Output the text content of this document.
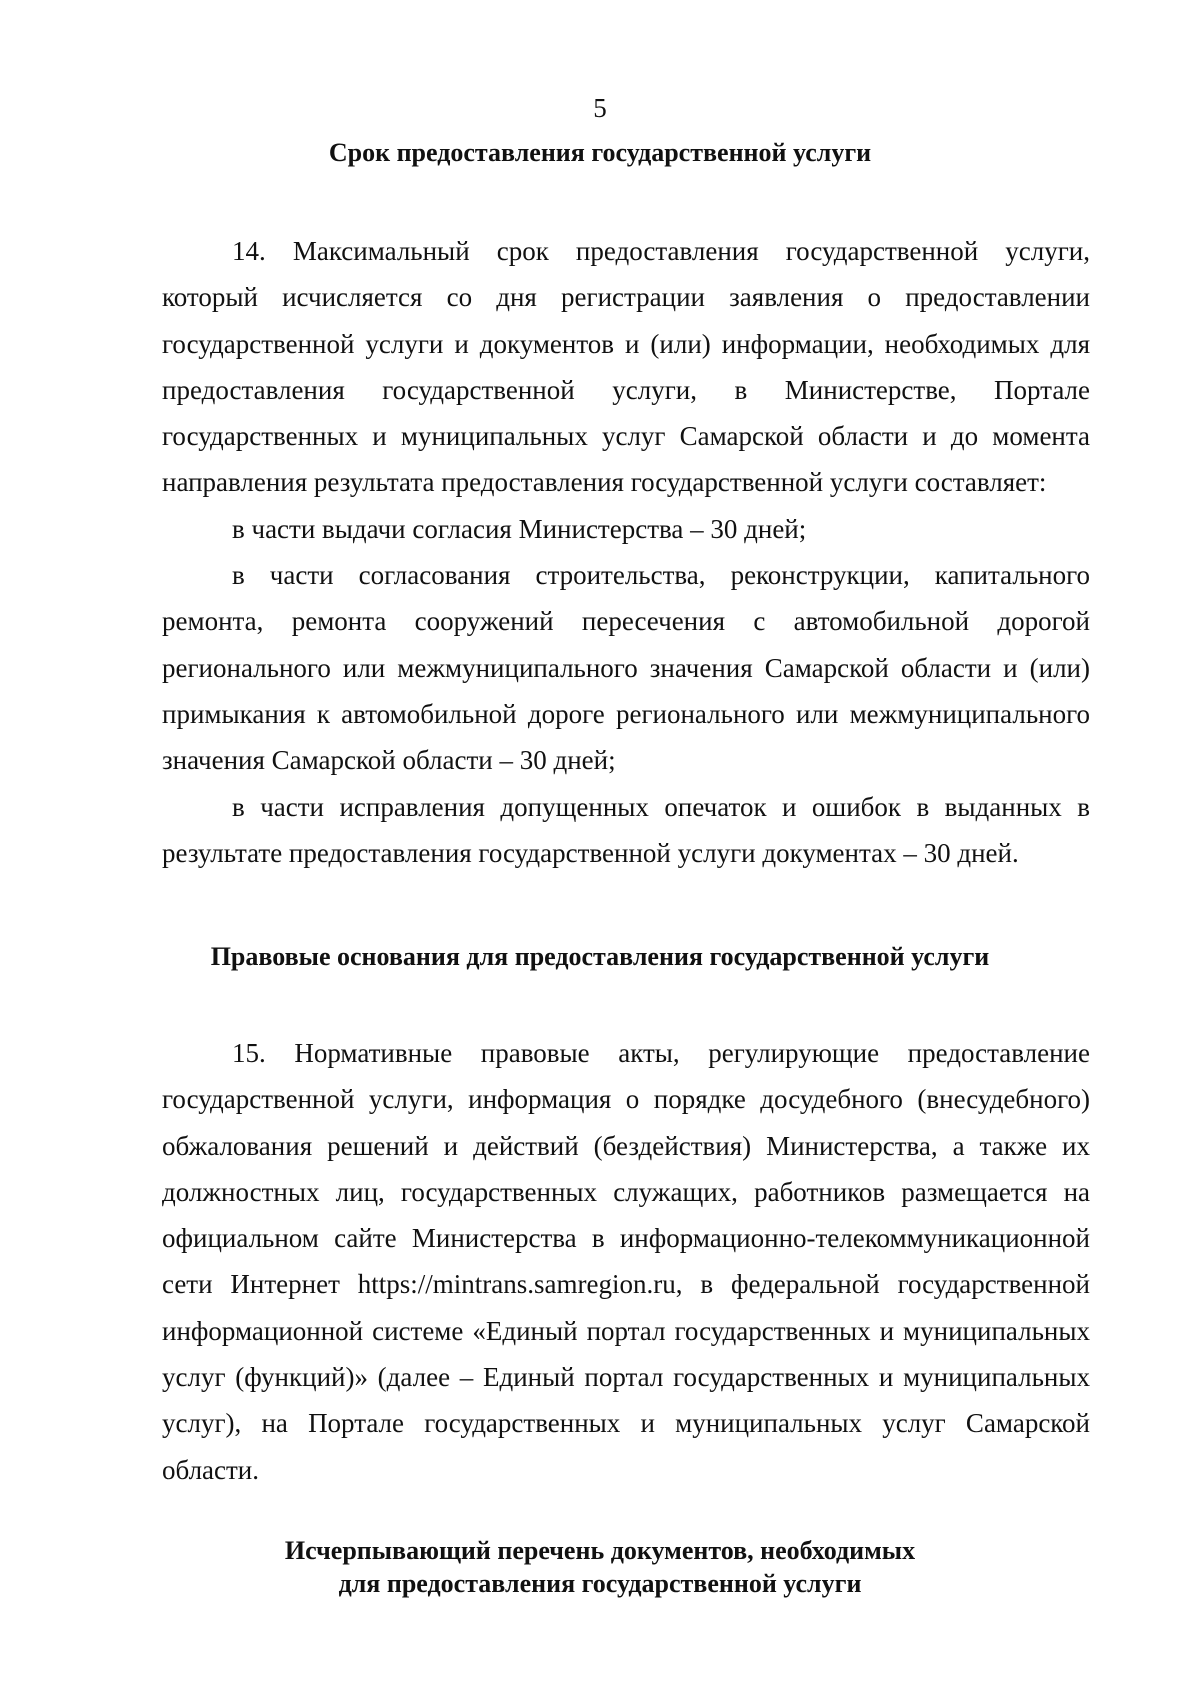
5
Срок предоставления государственной услуги

14. Максимальный срок предоставления государственной услуги, который исчисляется со дня регистрации заявления о предоставлении государственной услуги и документов и (или) информации, необходимых для предоставления государственной услуги, в Министерстве, Портале государственных и муниципальных услуг Самарской области и до момента направления результата предоставления государственной услуги составляет:

в части выдачи согласия Министерства – 30 дней;

в части согласования строительства, реконструкции, капитального ремонта, ремонта сооружений пересечения с автомобильной дорогой регионального или межмуниципального значения Самарской области и (или) примыкания к автомобильной дороге регионального или межмуниципального значения Самарской области – 30 дней;

в части исправления допущенных опечаток и ошибок в выданных в результате предоставления государственной услуги документах – 30 дней.

Правовые основания для предоставления государственной услуги

15. Нормативные правовые акты, регулирующие предоставление государственной услуги, информация о порядке досудебного (внесудебного) обжалования решений и действий (бездействия) Министерства, а также их должностных лиц, государственных служащих, работников размещается на официальном сайте Министерства в информационно-телекоммуникационной сети Интернет https://mintrans.samregion.ru, в федеральной государственной информационной системе «Единый портал государственных и муниципальных услуг (функций)» (далее – Единый портал государственных и муниципальных услуг), на Портале государственных и муниципальных услуг Самарской области.

Исчерпывающий перечень документов, необходимых
для предоставления государственной услуги
